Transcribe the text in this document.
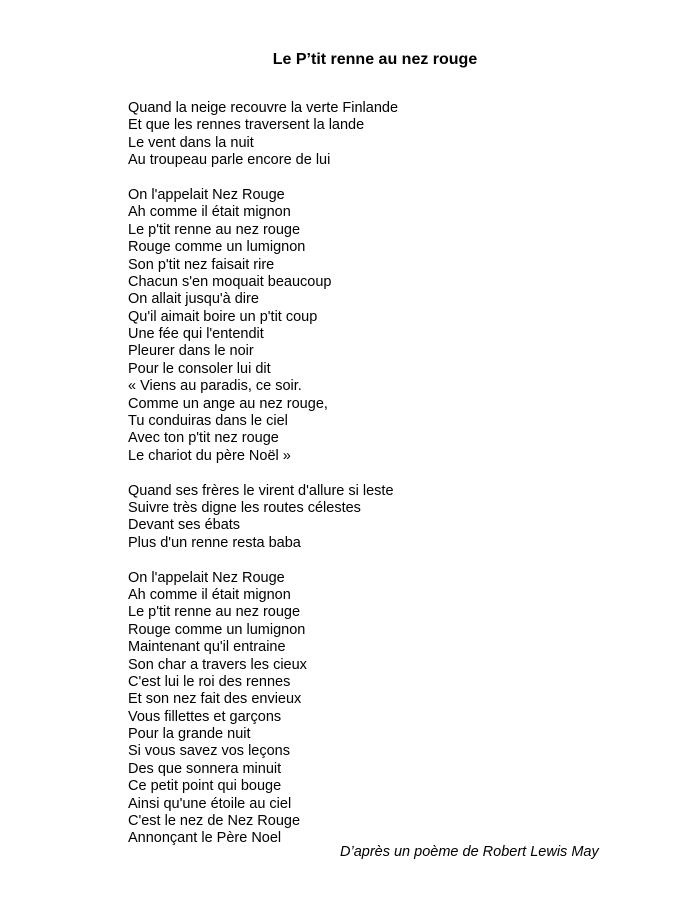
Le P’tit renne au nez rouge
Quand la neige recouvre la verte Finlande
Et que les rennes traversent la lande
Le vent dans la nuit
Au troupeau parle encore de lui
On l'appelait Nez Rouge
Ah comme il était mignon
Le p'tit renne au nez rouge
Rouge comme un lumignon
Son p'tit nez faisait rire
Chacun s'en moquait beaucoup
On allait jusqu'à dire
Qu'il aimait boire un p'tit coup
Une fée qui l'entendit
Pleurer dans le noir
Pour le consoler lui dit
« Viens au paradis, ce soir.
Comme un ange au nez rouge,
Tu conduiras dans le ciel
Avec ton p'tit nez rouge
Le chariot du père Noël »
Quand ses frères le virent d'allure si leste
Suivre très digne les routes célestes
Devant ses ébats
Plus d'un renne resta baba
On l'appelait Nez Rouge
Ah comme il était mignon
Le p'tit renne au nez rouge
Rouge comme un lumignon
Maintenant qu'il entraine
Son char a travers les cieux
C'est lui le roi des rennes
Et son nez fait des envieux
Vous fillettes et garçons
Pour la grande nuit
Si vous savez vos leçons
Des que sonnera minuit
Ce petit point qui bouge
Ainsi qu'une étoile au ciel
C'est le nez de Nez Rouge
Annonçant le Père Noel
D’après un poème de Robert Lewis May
